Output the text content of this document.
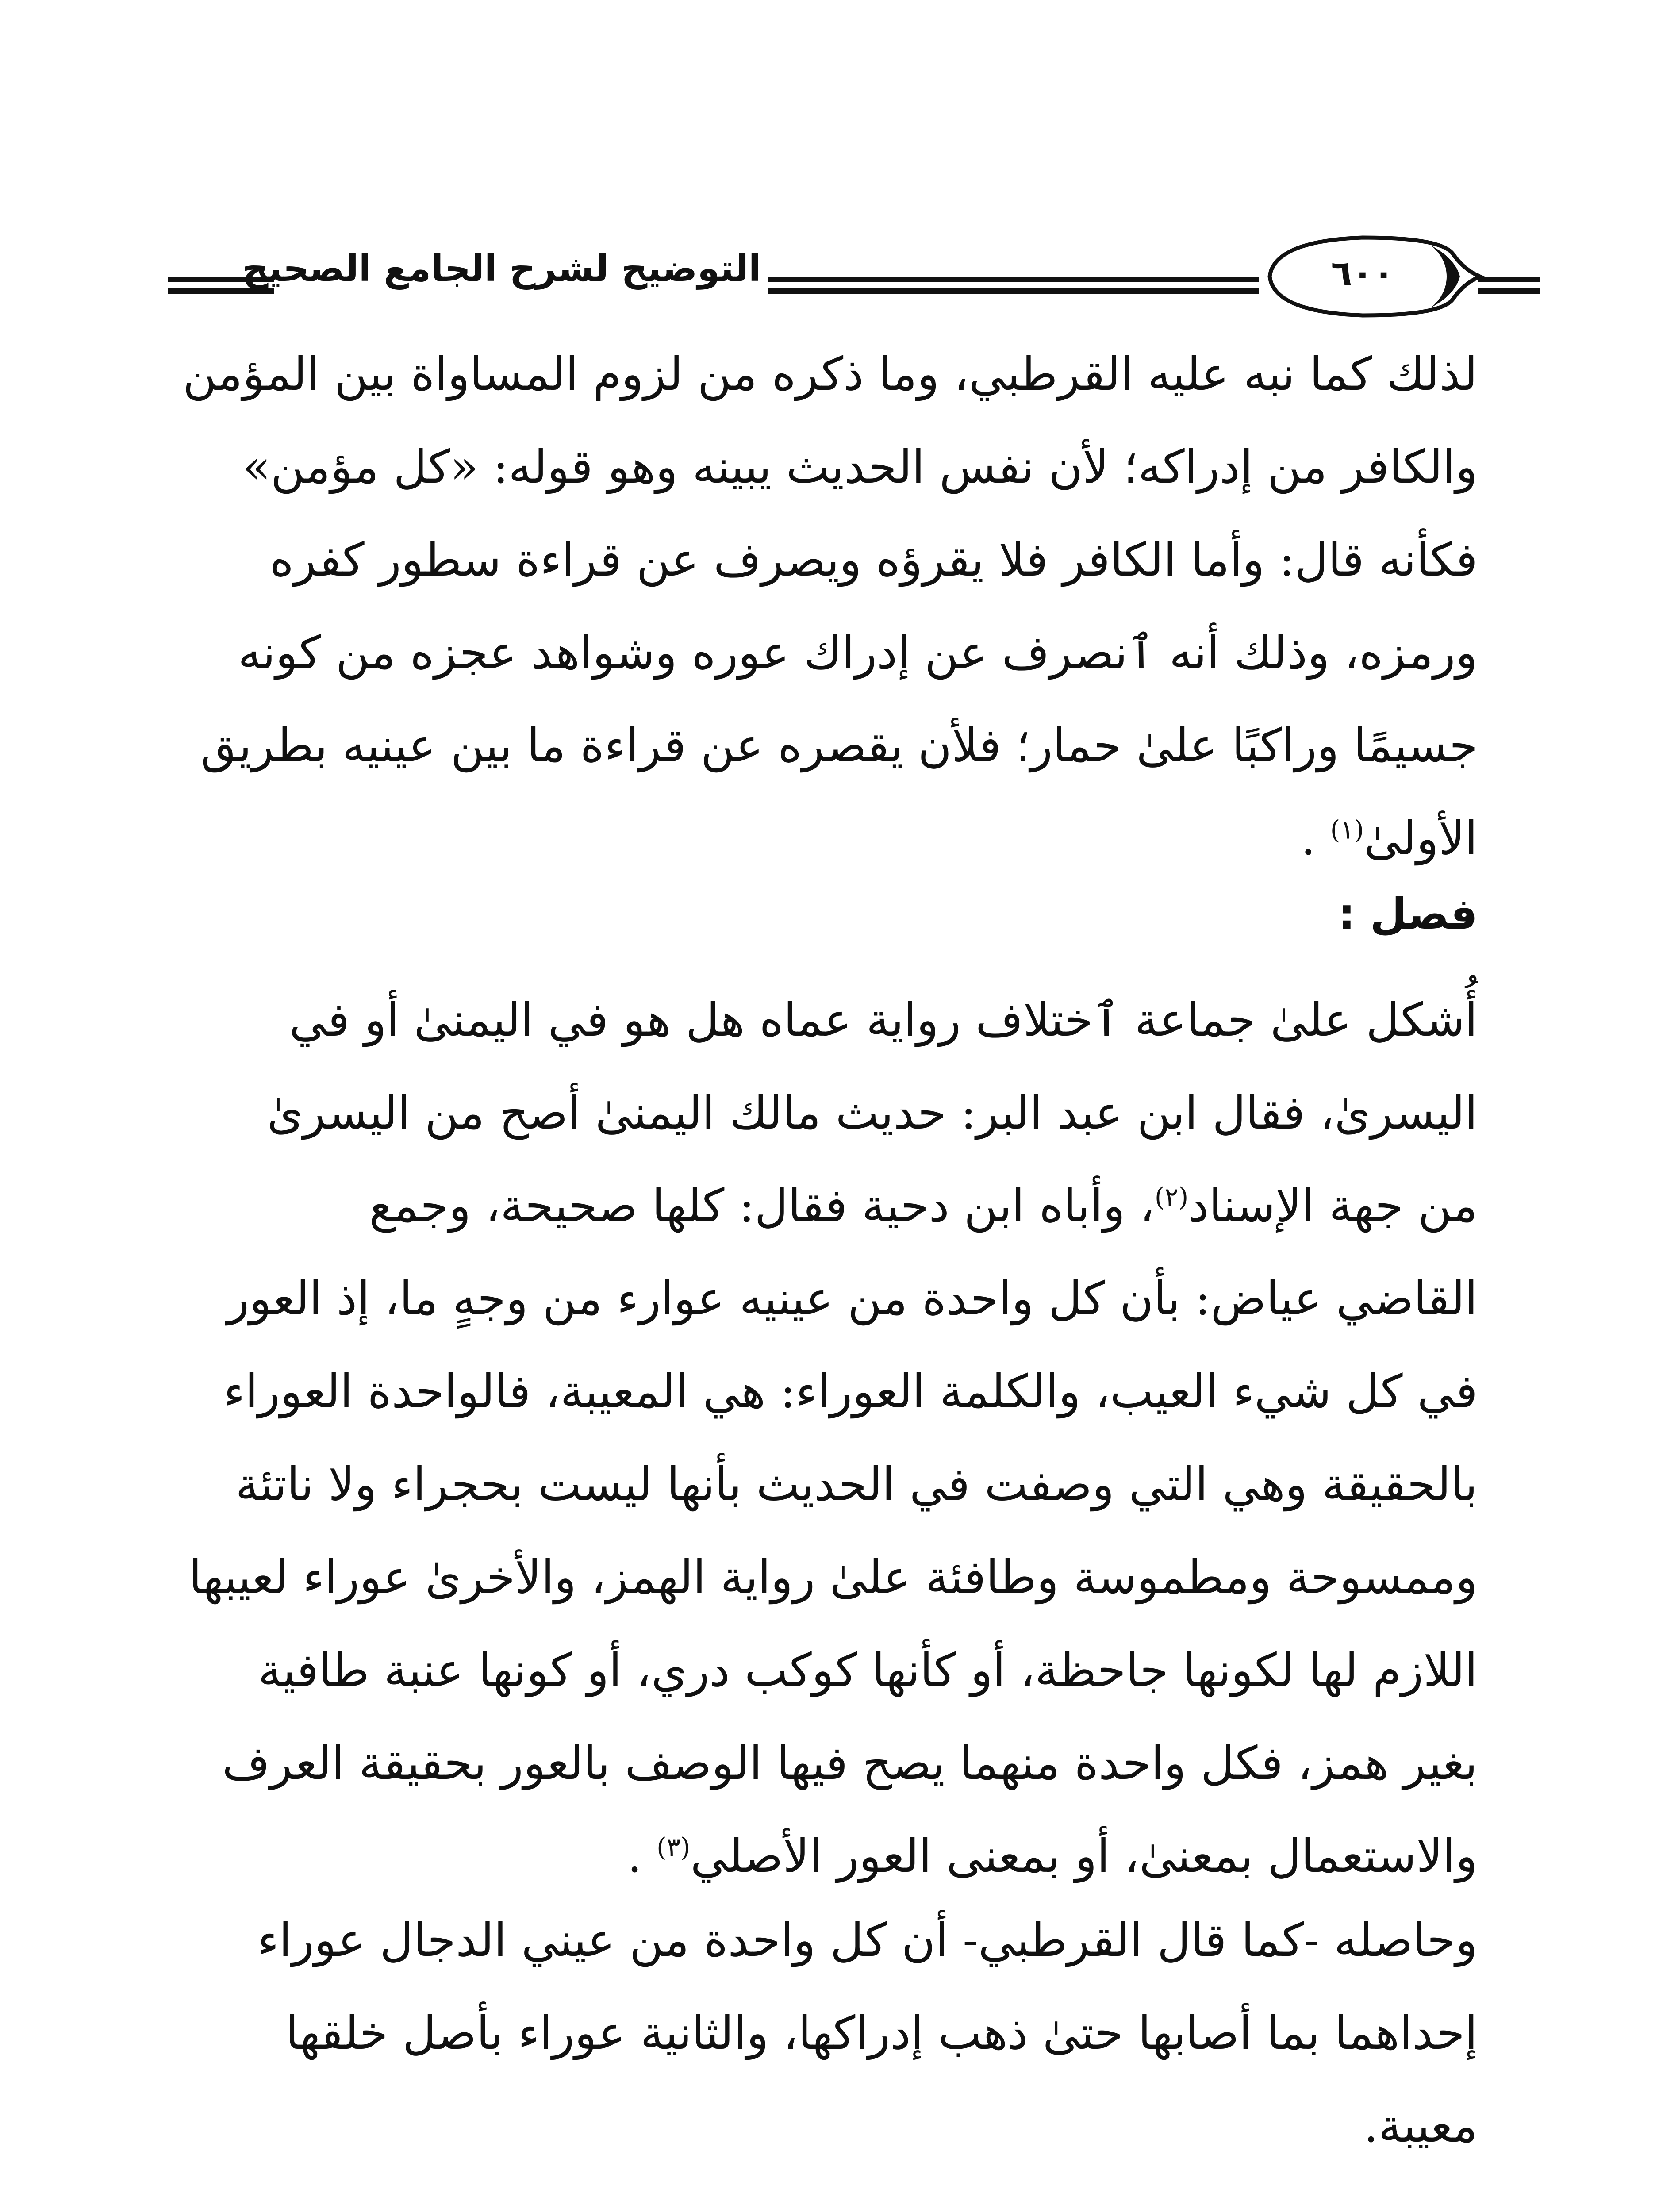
التوضيح لشرح الجامع الصحيح	٦٠٠
لذلك كما نبه عليه القرطبي، وما ذكره من لزوم المساواة بين المؤمن
والكافر من إدراكه؛ لأن نفس الحديث يبينه وهو قوله: «كل مؤمن»
فكأنه قال: وأما الكافر فلا يقرؤه ويصرف عن قراءة سطور كفره
ورمزه، وذلك أنه ٱنصرف عن إدراك عوره وشواهد عجزه من كونه
جسيمًا وراكبًا علىٰ حمار؛ فلأن يقصره عن قراءة ما بين عينيه بطريق
الأولىٰ$^{(١)}$ .
فصل :
أُشكل علىٰ جماعة ٱختلاف رواية عماه هل هو في اليمنىٰ أو في
اليسرىٰ، فقال ابن عبد البر: حديث مالك اليمنىٰ أصح من اليسرىٰ
من جهة الإسناد$^{(٢)}$، وأباه ابن دحية فقال: كلها صحيحة، وجمع
القاضي عياض: بأن كل واحدة من عينيه عوارء من وجهٍ ما، إذ العور
في كل شيء العيب، والكلمة العوراء: هي المعيبة، فالواحدة العوراء
بالحقيقة وهي التي وصفت في الحديث بأنها ليست بحجراء ولا ناتئة
وممسوحة ومطموسة وطافئة علىٰ رواية الهمز، والأخرىٰ عوراء لعيبها
اللازم لها لكونها جاحظة، أو كأنها كوكب دري، أو كونها عنبة طافية
بغير همز، فكل واحدة منهما يصح فيها الوصف بالعور بحقيقة العرف
والاستعمال بمعنىٰ، أو بمعنى العور الأصلي$^{(٣)}$ .
وحاصله -كما قال القرطبي- أن كل واحدة من عيني الدجال عوراء
إحداهما بما أصابها حتىٰ ذهب إدراكها، والثانية عوراء بأصل خلقها
معيبة.
